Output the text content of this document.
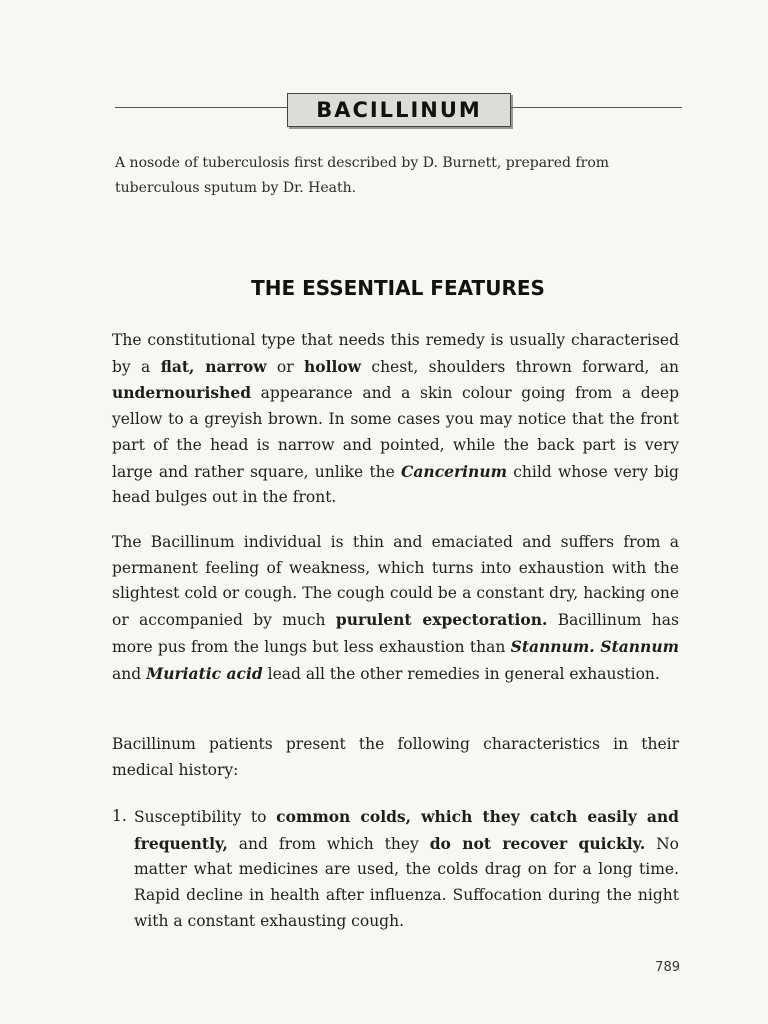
BACILLINUM
A nosode of tuberculosis first described by D. Burnett, prepared from tuberculous sputum by Dr. Heath.
THE ESSENTIAL FEATURES

The constitutional type that needs this remedy is usually characterised by a flat, narrow or hollow chest, shoulders thrown forward, an undernourished appearance and a skin colour going from a deep yellow to a greyish brown. In some cases you may notice that the front part of the head is narrow and pointed, while the back part is very large and rather square, unlike the Cancerinum child whose very big head bulges out in the front.

The Bacillinum individual is thin and emaciated and suffers from a permanent feeling of weakness, which turns into exhaustion with the slightest cold or cough. The cough could be a constant dry, hacking one or accompanied by much purulent expectoration. Bacillinum has more pus from the lungs but less exhaustion than Stannum. Stannum and Muriatic acid lead all the other remedies in general exhaustion.

Bacillinum patients present the following characteristics in their medical history:

1. Susceptibility to common colds, which they catch easily and frequently, and from which they do not recover quickly. No matter what medicines are used, the colds drag on for a long time. Rapid decline in health after influenza. Suffocation during the night with a constant exhausting cough.
789
